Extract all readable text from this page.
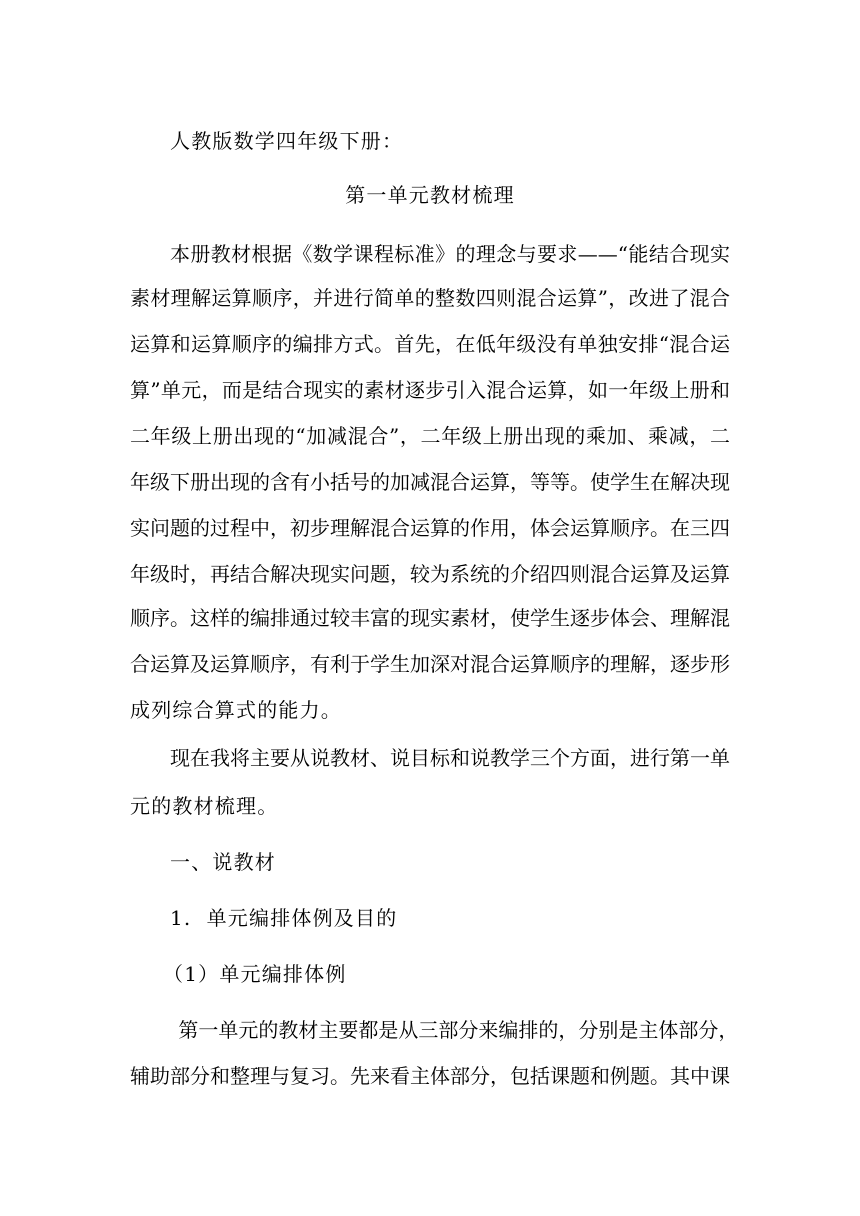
人教版数学四年级下册：
第一单元教材梳理
本册教材根据《数学课程标准》的理念与要求——“能结合现实
素材理解运算顺序，并进行简单的整数四则混合运算”，改进了混合
运算和运算顺序的编排方式。首先，在低年级没有单独安排“混合运
算”单元，而是结合现实的素材逐步引入混合运算，如一年级上册和
二年级上册出现的“加减混合”，二年级上册出现的乘加、乘减，二
年级下册出现的含有小括号的加减混合运算，等等。使学生在解决现
实问题的过程中，初步理解混合运算的作用，体会运算顺序。在三四
年级时，再结合解决现实问题，较为系统的介绍四则混合运算及运算
顺序。这样的编排通过较丰富的现实素材，使学生逐步体会、理解混
合运算及运算顺序，有利于学生加深对混合运算顺序的理解，逐步形
成列综合算式的能力。
现在我将主要从说教材、说目标和说教学三个方面，进行第一单
元的教材梳理。
一、说教材
1.  单元编排体例及目的
（1）单元编排体例
第一单元的教材主要都是从三部分来编排的，分别是主体部分，
辅助部分和整理与复习。先来看主体部分，包括课题和例题。其中课
